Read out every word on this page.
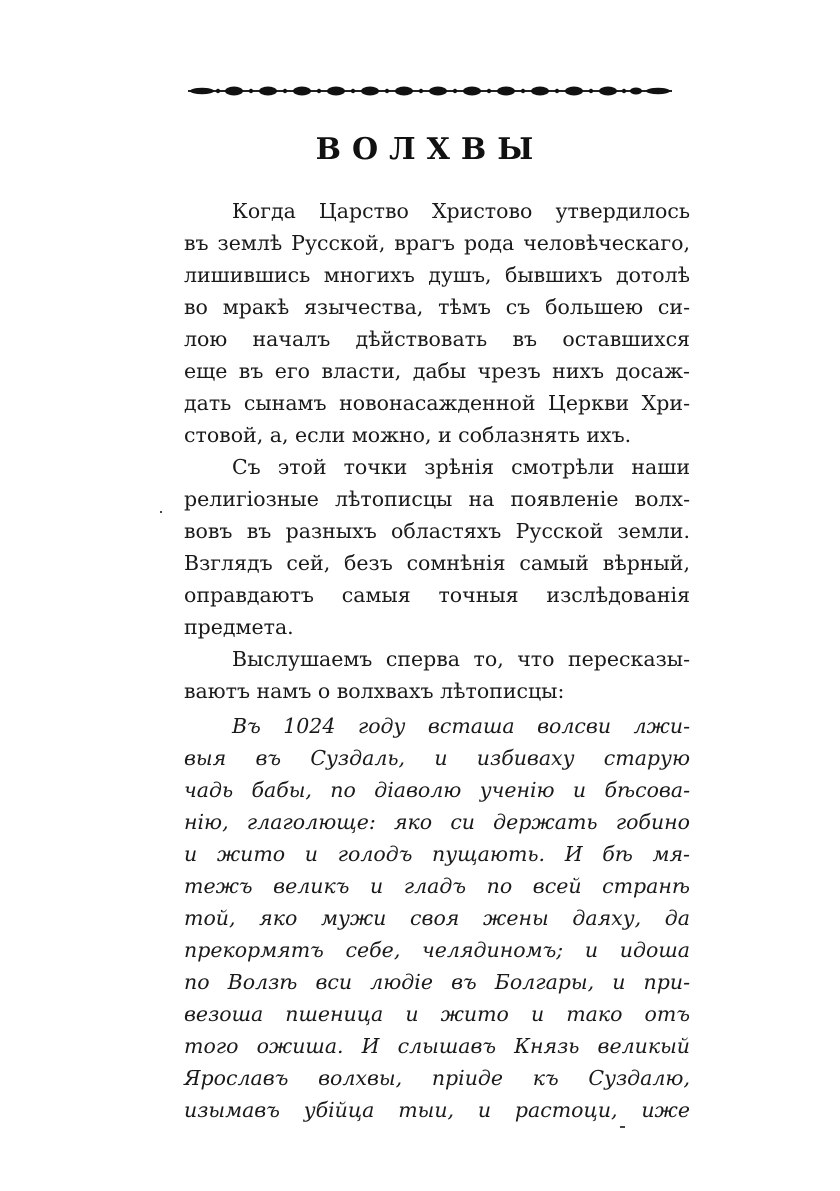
ВОЛХВЫ
Когда Царство Христово утвердилось
въ землѣ Русской, врагъ рода человѣческаго,
лишившись многихъ душъ, бывшихъ дотолѣ
во мракѣ язычества, тѣмъ съ большею си-
лою началъ дѣйствовать въ оставшихся
еще въ его власти, дабы чрезъ нихъ досаж-
дать сынамъ новонасажденной Церкви Хри-
стовой, а, если можно, и соблазнять ихъ.
Съ этой точки зрѣнія смотрѣли наши
религіозные лѣтописцы на появленіе волх-
вовъ въ разныхъ областяхъ Русской земли.
Взглядъ сей, безъ сомнѣнія самый вѣрный,
оправдаютъ самыя точныя изслѣдованія
предмета.
Выслушаемъ сперва то, что пересказы-
ваютъ намъ о волхвахъ лѣтописцы:
Въ 1024 году всташа волсви лжи-
выя въ Суздаль, и избиваху старую
чадь бабы, по діаволю ученію и бѣсова-
нію, глаголюще: яко си держать гобино
и жито и голодъ пущають. И бѣ мя-
тежъ великъ и гладъ по всей странѣ
той, яко мужи своя жены даяху, да
прекормятъ себе, челядиномъ; и идоша
по Волзѣ вси людіе въ Болгары, и при-
везоша пшеница и жито и тако отъ
того ожиша. И слышавъ Князь великый
Ярославъ волхвы, пріиде къ Суздалю,
изымавъ убійца тыи, и растоци, иже
